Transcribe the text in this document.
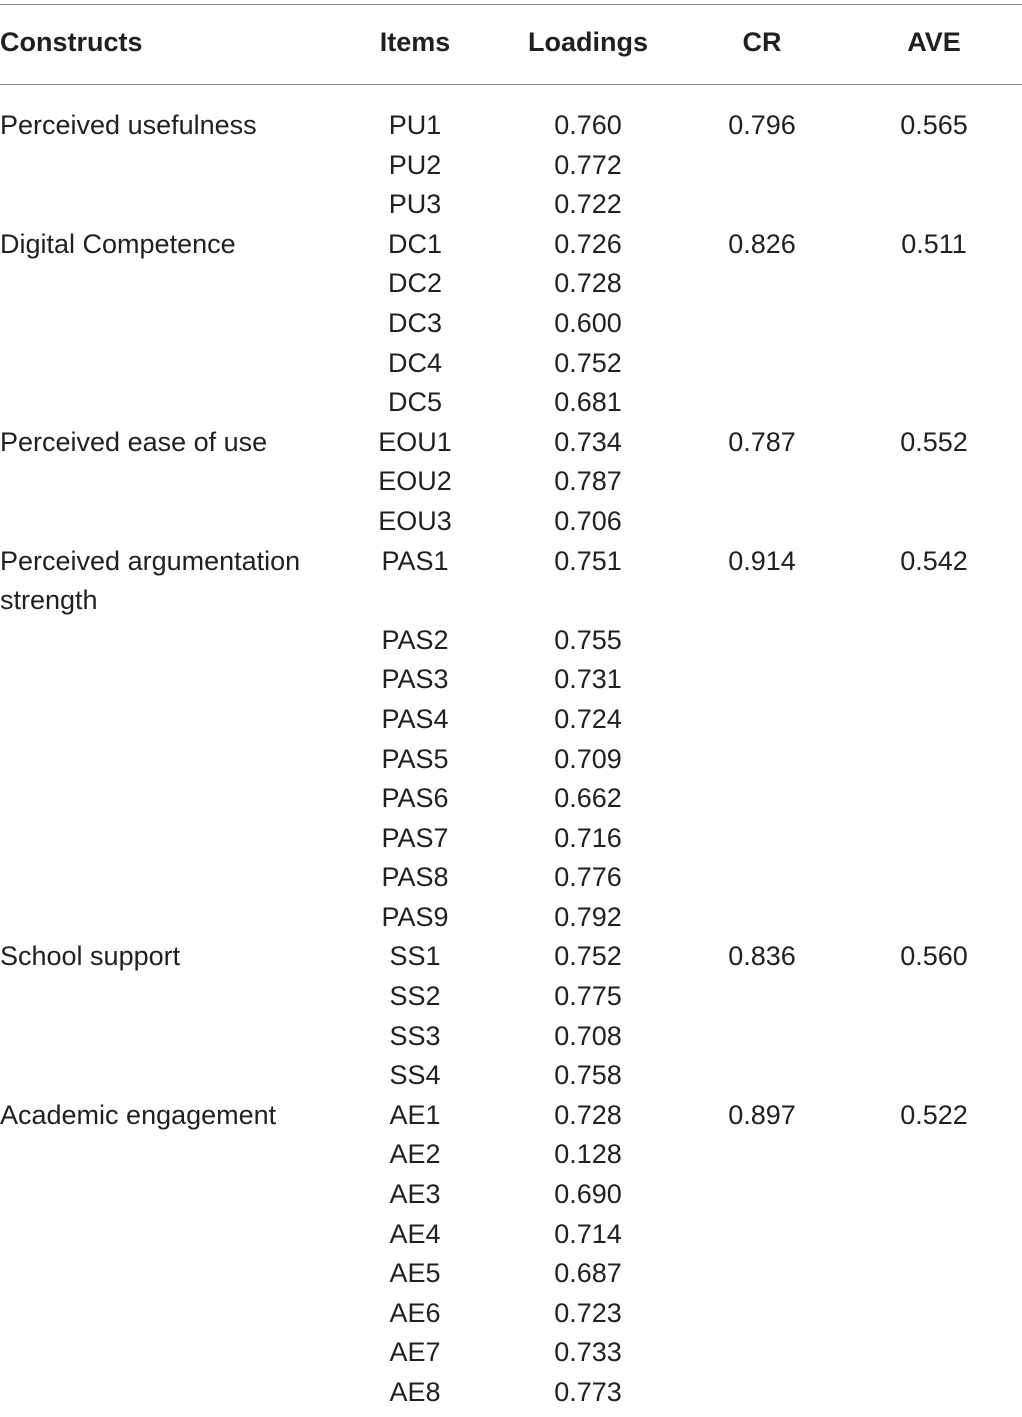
Constructs	Items	Loadings	CR	AVE

Perceived usefulness	PU1	0.760	0.796	0.565
	PU2	0.772		
	PU3	0.722		
Digital Competence	DC1	0.726	0.826	0.511
	DC2	0.728		
	DC3	0.600		
	DC4	0.752		
	DC5	0.681		
Perceived ease of use	EOU1	0.734	0.787	0.552
	EOU2	0.787		
	EOU3	0.706		
Perceived argumentation strength	PAS1	0.751	0.914	0.542
	PAS2	0.755		
	PAS3	0.731		
	PAS4	0.724		
	PAS5	0.709		
	PAS6	0.662		
	PAS7	0.716		
	PAS8	0.776		
	PAS9	0.792		
School support	SS1	0.752	0.836	0.560
	SS2	0.775		
	SS3	0.708		
	SS4	0.758		
Academic engagement	AE1	0.728	0.897	0.522
	AE2	0.128		
	AE3	0.690		
	AE4	0.714		
	AE5	0.687		
	AE6	0.723		
	AE7	0.733		
	AE8	0.773		
